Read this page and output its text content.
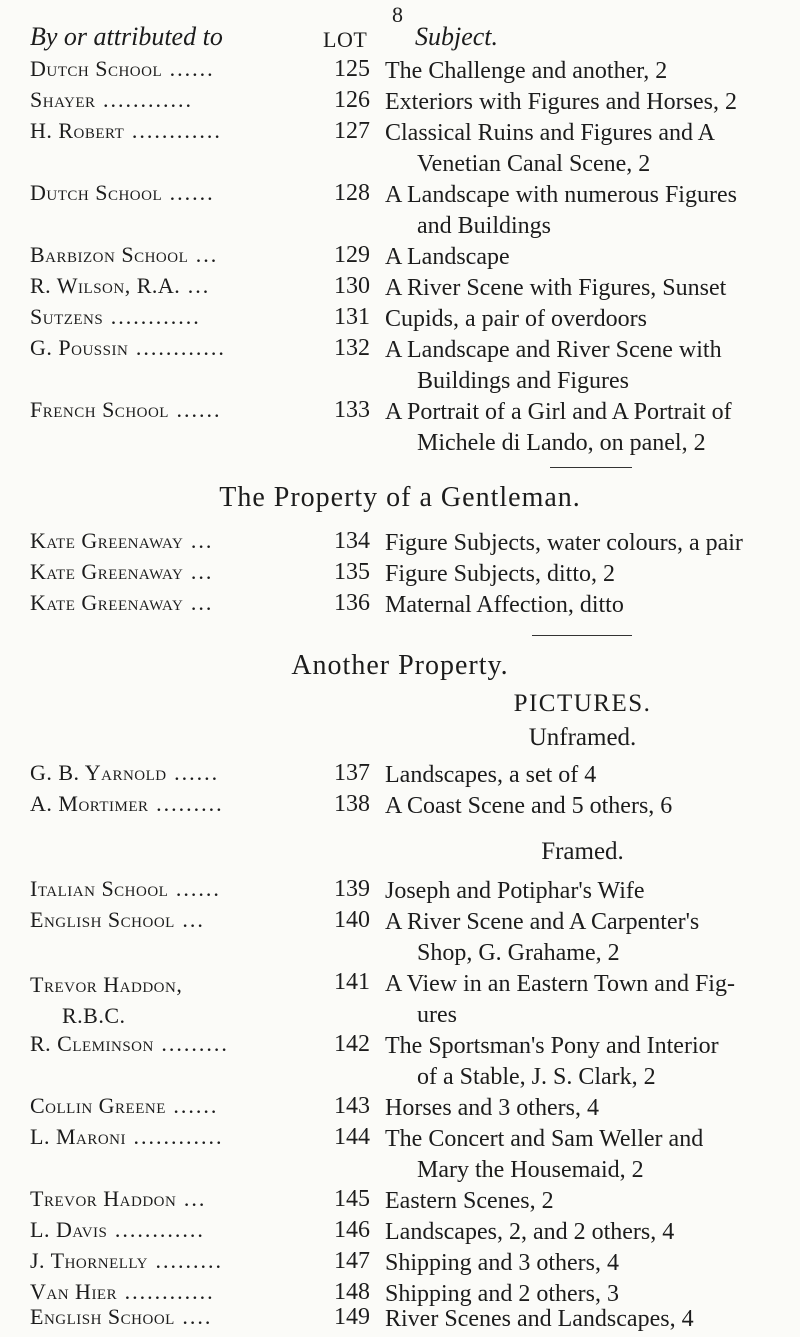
8
By or attributed to	LOT Subject.
Dutch School ......	125 The Challenge and another, 2
Shayer ............	126 Exteriors with Figures and Horses, 2
H. Robert ............	127 Classical Ruins and Figures and A
Venetian Canal Scene, 2
Dutch School ......	128 A Landscape with numerous Figures
and Buildings
Barbizon School ...	129 A Landscape
R. Wilson, R.A. ...	130 A River Scene with Figures, Sunset
Sutzens ............	131 Cupids, a pair of overdoors
G. Poussin ............	132 A Landscape and River Scene with
Buildings and Figures
French School ......	133 A Portrait of a Girl and A Portrait of
Michele di Lando, on panel, 2
The Property of a Gentleman.
Kate Greenaway ...	134 Figure Subjects, water colours, a pair
Kate Greenaway ...	135 Figure Subjects, ditto, 2
Kate Greenaway ...	136 Maternal Affection, ditto
Another Property.
PICTURES.
Unframed.
G. B. Yarnold ......	137 Landscapes, a set of 4
A. Mortimer .........	138 A Coast Scene and 5 others, 6
Framed.
Italian School ......	139 Joseph and Potiphar's Wife
English School ...	140 A River Scene and A Carpenter's
Shop, G. Grahame, 2
Trevor Haddon,
R.B.C.
141 A View in an Eastern Town and Fig-
ures
R. Cleminson .........	142 The Sportsman's Pony and Interior
of a Stable, J. S. Clark, 2
Collin Greene ......	143 Horses and 3 others, 4
L. Maroni ............	144 The Concert and Sam Weller and
Mary the Housemaid, 2
Trevor Haddon ...	145 Eastern Scenes, 2
L. Davis ............	146 Landscapes, 2, and 2 others, 4
J. Thornelly .........	147 Shipping and 3 others, 4
Van Hier ............	148 Shipping and 2 others, 3
English School ....	149 River Scenes and Landscapes, 4
